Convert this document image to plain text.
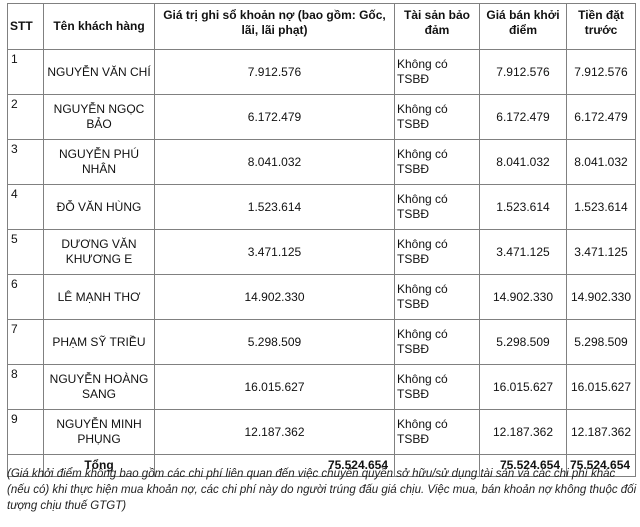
STT	Tên khách hàng	Giá trị ghi sổ khoản nợ (bao gồm: Gốc, lãi, lãi phạt)	Tài sản bảo đảm	Giá bán khởi điểm	Tiền đặt trước
1	NGUYỄN VĂN CHÍ	7.912.576	Không có TSBĐ	7.912.576	7.912.576
2	NGUYỄN NGỌC BẢO	6.172.479	Không có TSBĐ	6.172.479	6.172.479
3	NGUYỄN PHÚ NHÂN	8.041.032	Không có TSBĐ	8.041.032	8.041.032
4	ĐỖ VĂN HÙNG	1.523.614	Không có TSBĐ	1.523.614	1.523.614
5	DƯƠNG VĂN KHƯƠNG E	3.471.125	Không có TSBĐ	3.471.125	3.471.125
6	LÊ MẠNH THƠ	14.902.330	Không có TSBĐ	14.902.330	14.902.330
7	PHẠM SỸ TRIỀU	5.298.509	Không có TSBĐ	5.298.509	5.298.509
8	NGUYỄN HOÀNG SANG	16.015.627	Không có TSBĐ	16.015.627	16.015.627
9	NGUYỄN MINH PHỤNG	12.187.362	Không có TSBĐ	12.187.362	12.187.362
	Tổng	75.524.654		75.524.654	75.524.654
(Giá khởi điểm không bao gồm các chi phí liên quan đến việc chuyển quyền sở hữu/sử dụng tài sản và các chi phí khác (nếu có) khi thực hiện mua khoản nợ, các chi phí này do người trúng đấu giá chịu. Việc mua, bán khoản nợ không thuộc đối tượng chịu thuế GTGT)
